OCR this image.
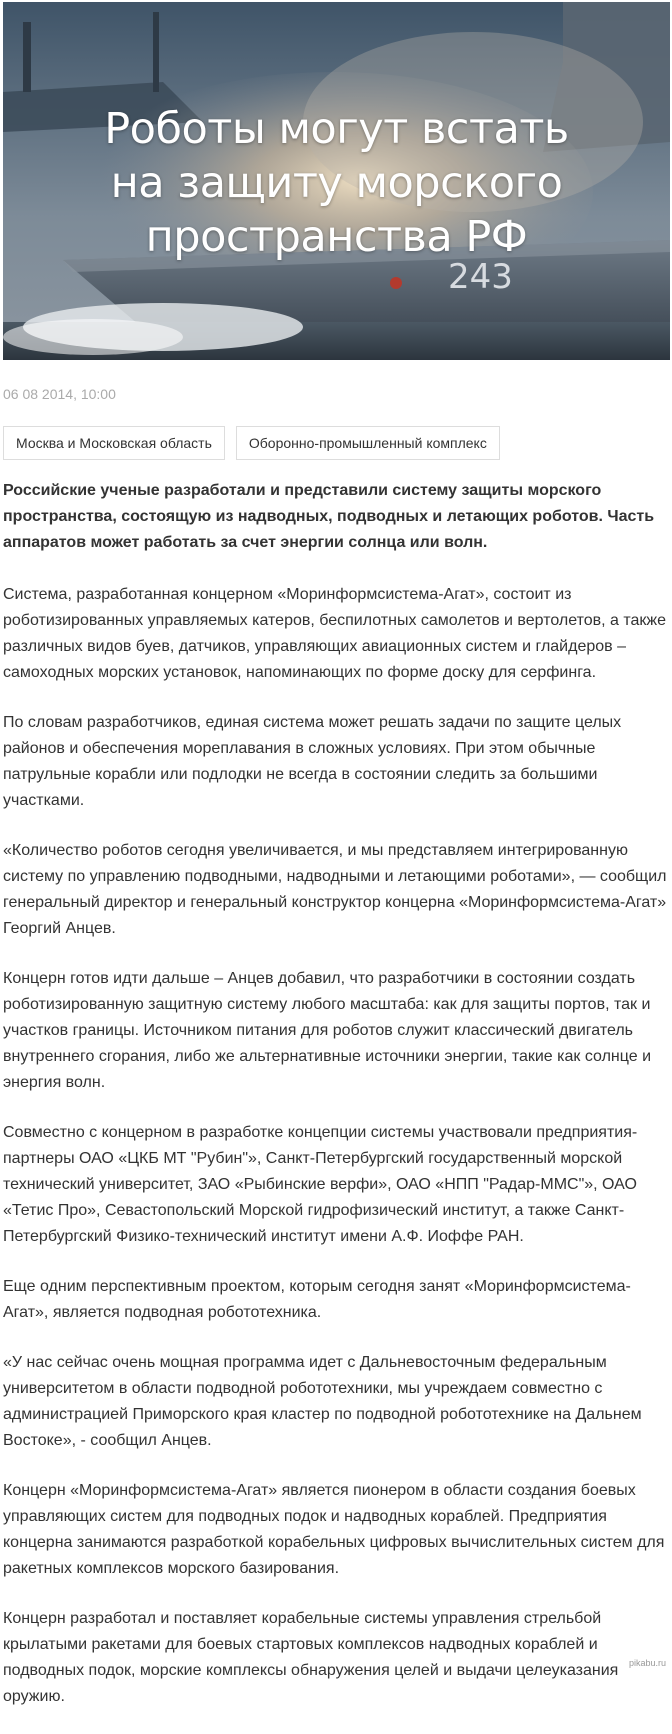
243
Роботы могут встать
на защиту морского
пространства РФ
06 08 2014, 10:00
Москва и Московская область	Оборонно-промышленный комплекс

Российские ученые разработали и представили систему защиты морского пространства, состоящую из надводных, подводных и летающих роботов. Часть аппаратов может работать за счет энергии солнца или волн.

Система, разработанная концерном «Моринформсистема-Агат», состоит из роботизированных управляемых катеров, беспилотных самолетов и вертолетов, а также различных видов буев, датчиков, управляющих авиационных систем и глайдеров – самоходных морских установок, напоминающих по форме доску для серфинга.

По словам разработчиков, единая система может решать задачи по защите целых районов и обеспечения мореплавания в сложных условиях. При этом обычные патрульные корабли или подлодки не всегда в состоянии следить за большими участками.

«Количество роботов сегодня увеличивается, и мы представляем интегрированную систему по управлению подводными, надводными и летающими роботами», — сообщил генеральный директор и генеральный конструктор концерна «Моринформсистема-Агат» Георгий Анцев.

Концерн готов идти дальше – Анцев добавил, что разработчики в состоянии создать роботизированную защитную систему любого масштаба: как для защиты портов, так и участков границы. Источником питания для роботов служит классический двигатель внутреннего сгорания, либо же альтернативные источники энергии, такие как солнце и энергия волн.

Совместно с концерном в разработке концепции системы участвовали предприятия-партнеры ОАО «ЦКБ МТ "Рубин"», Санкт-Петербургский государственный морской технический университет, ЗАО «Рыбинские верфи», ОАО «НПП "Радар-ММС"», ОАО «Тетис Про», Севастопольский Морской гидрофизический институт, а также Санкт-Петербургский Физико-технический институт имени А.Ф. Иоффе РАН.

Еще одним перспективным проектом, которым сегодня занят «Моринформсистема-Агат», является подводная робототехника.

«У нас сейчас очень мощная программа идет с Дальневосточным федеральным университетом в области подводной робототехники, мы учреждаем совместно с администрацией Приморского края кластер по подводной робототехнике на Дальнем Востоке», - сообщил Анцев.

Концерн «Моринформсистема-Агат» является пионером в области создания боевых управляющих систем для подводных подок и надводных кораблей. Предприятия концерна занимаются разработкой корабельных цифровых вычислительных систем для ракетных комплексов морского базирования.

Концерн разработал и поставляет корабельные системы управления стрельбой крылатыми ракетами для боевых стартовых комплексов надводных кораблей и подводных подок, морские комплексы обнаружения целей и выдачи целеуказания оружию.

pikabu.ru
